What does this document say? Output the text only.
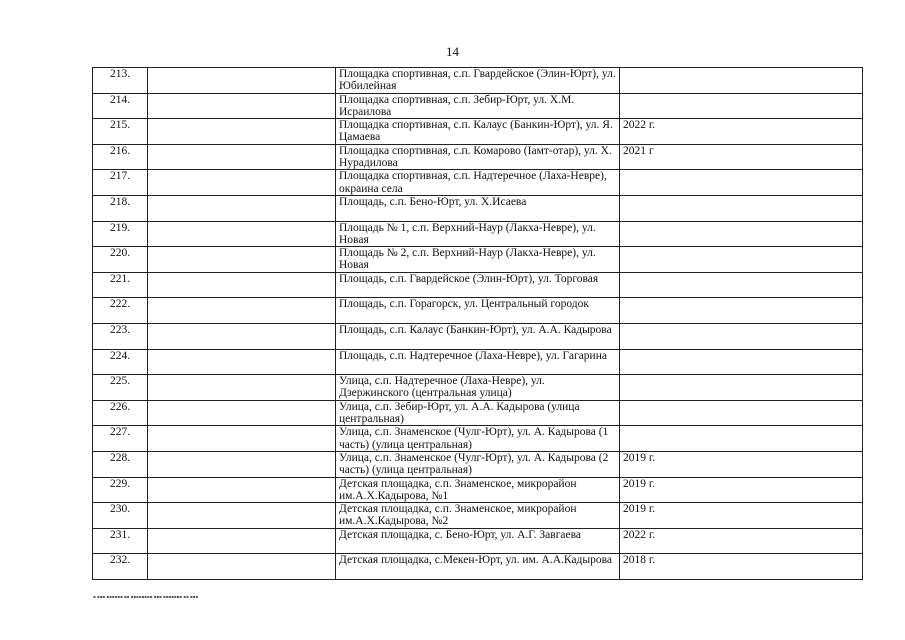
14
213.		Площадка спортивная, с.п. Гвардейское (Элин-Юрт), ул. Юбилейная	
214.		Площадка спортивная, с.п. Зебир-Юрт, ул. Х.М. Исраилова	
215.		Площадка спортивная, с.п. Калаус (Банкин-Юрт), ул. Я. Цамаева	2022 г.
216.		Площадка спортивная, с.п. Комарово (Iамт-отар), ул. Х. Нурадилова	2021 г
217.		Площадка спортивная, с.п. Надтеречное (Лаха-Невре), окраина села	
218.		Площадь, с.п. Бено-Юрт, ул. Х.Исаева	
219.		Площадь № 1, с.п. Верхний-Наур (Лакха-Невре), ул. Новая	
220.		Площадь № 2, с.п. Верхний-Наур (Лакха-Невре), ул. Новая	
221.		Площадь, с.п. Гвардейское (Элин-Юрт), ул. Торговая	
222.		Площадь, с.п. Горагорск, ул. Центральный городок	
223.		Площадь, с.п. Калаус (Банкин-Юрт), ул. А.А. Кадырова	
224.		Площадь, с.п. Надтеречное (Лаха-Невре), ул. Гагарина	
225.		Улица, с.п. Надтеречное (Лаха-Невре), ул. Дзержинского (центральная улица)	
226.		Улица, с.п. Зебир-Юрт, ул. А.А. Кадырова (улица центральная)	
227.		Улица, с.п. Знаменское (Чулг-Юрт), ул. А. Кадырова (1 часть) (улица центральная)	
228.		Улица, с.п. Знаменское (Чулг-Юрт), ул. А. Кадырова (2 часть) (улица центральная)	2019 г.
229.		Детская площадка, с.п. Знаменское, микрорайон им.А.Х.Кадырова, №1	2019 г.
230.		Детская площадка, с.п. Знаменское, микрорайон им.А.Х.Кадырова, №2	2019 г.
231.		Детская площадка, с. Бено-Юрт, ул. А.Г. Завгаева	2022 г.
232.		Детская площадка, с.Мекен-Юрт, ул. им. А.А.Кадырова	2018 г.
▪ ▪▪▪ ▪▪▪▪▪▪ ▪▪ ▪▪▪▪▪▪▪▪ ▪▪▪ ▪▪▪▪▪▪▪ ▪▪ ▪▪▪
